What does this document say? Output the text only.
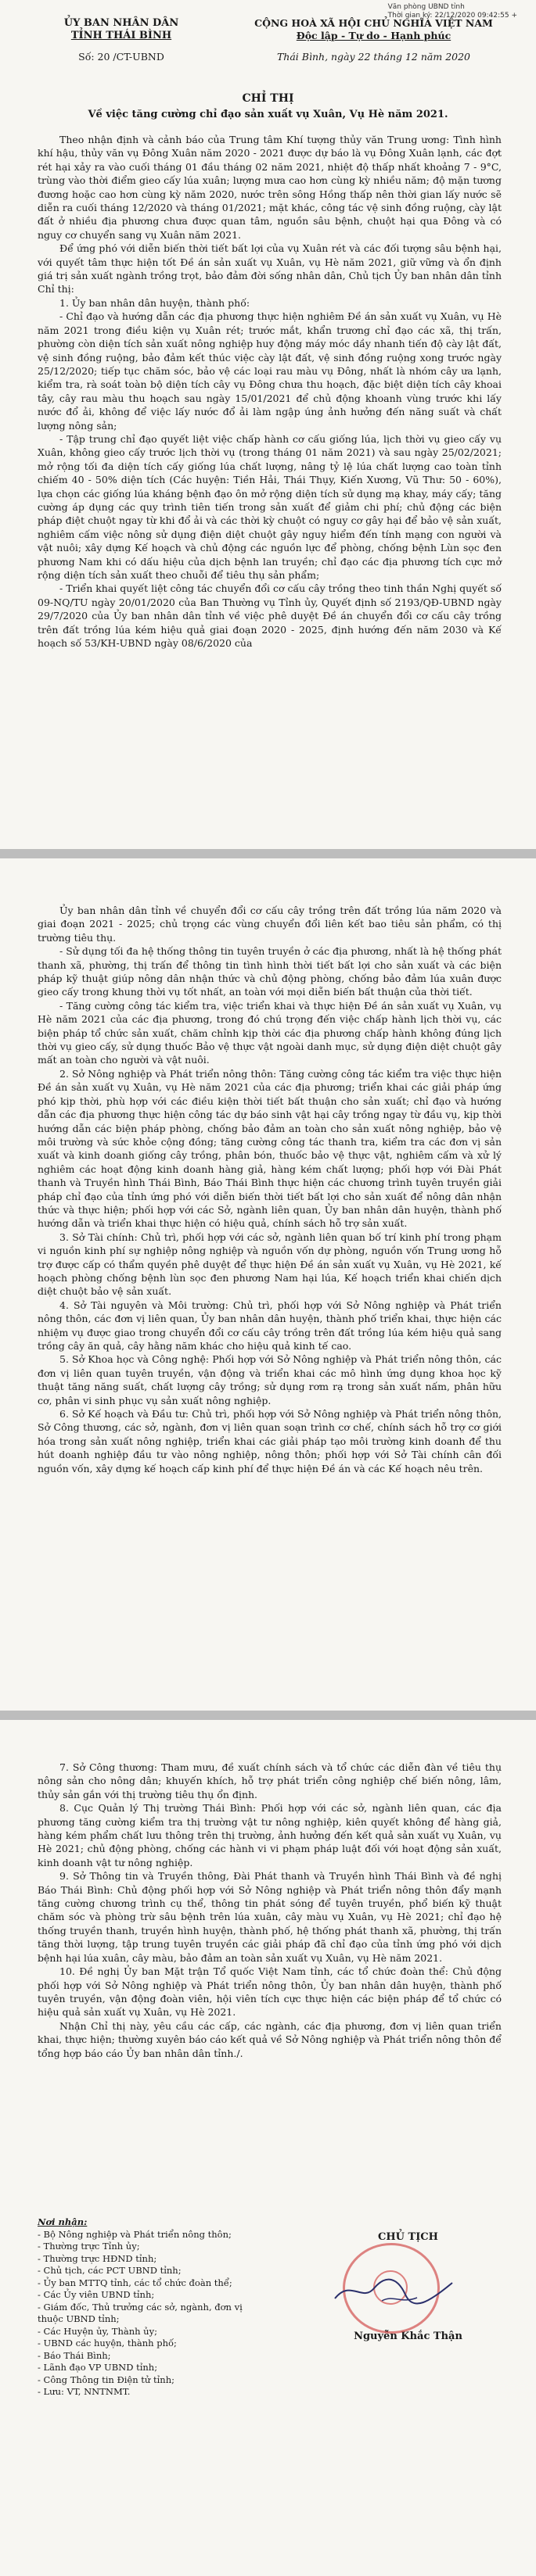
Văn phòng UBND tỉnh
Thời gian ký: 22/12/2020 09:42:55 +
ỦY BAN NHÂN DÂN
TỈNH THÁI BÌNH
Số: 20 /CT-UBND
CỘNG HOÀ XÃ HỘI CHỦ NGHĨA VIỆT NAM
Độc lập - Tự do - Hạnh phúc
Thái Bình, ngày 22 tháng 12 năm 2020
CHỈ THỊ
Về việc tăng cường chỉ đạo sản xuất vụ Xuân, Vụ Hè năm 2021.

Theo nhận định và cảnh báo của Trung tâm Khí tượng thủy văn Trung ương: Tình hình khí hậu, thủy văn vụ Đông Xuân năm 2020 - 2021 được dự báo là vụ Đông Xuân lạnh, các đợt rét hại xảy ra vào cuối tháng 01 đầu tháng 02 năm 2021, nhiệt độ thấp nhất khoảng 7 - 9°C, trùng vào thời điểm gieo cấy lúa xuân; lượng mưa cao hơn cùng kỳ nhiều năm; độ mặn tương đương hoặc cao hơn cùng kỳ năm 2020, nước trên sông Hồng thấp nên thời gian lấy nước sẽ diễn ra cuối tháng 12/2020 và tháng 01/2021; mặt khác, công tác vệ sinh đồng ruộng, cày lật đất ở nhiều địa phương chưa được quan tâm, nguồn sâu bệnh, chuột hại qua Đông và có nguy cơ chuyển sang vụ Xuân năm 2021.

Để ứng phó với diễn biến thời tiết bất lợi của vụ Xuân rét và các đối tượng sâu bệnh hại, với quyết tâm thực hiện tốt Đề án sản xuất vụ Xuân, vụ Hè năm 2021, giữ vững và ổn định giá trị sản xuất ngành trồng trọt, bảo đảm đời sống nhân dân, Chủ tịch Ủy ban nhân dân tỉnh Chỉ thị:

1. Ủy ban nhân dân huyện, thành phố:

- Chỉ đạo và hướng dẫn các địa phương thực hiện nghiêm Đề án sản xuất vụ Xuân, vụ Hè năm 2021 trong điều kiện vụ Xuân rét; trước mắt, khẩn trương chỉ đạo các xã, thị trấn, phường còn diện tích sản xuất nông nghiệp huy động máy móc dầy nhanh tiến độ cày lật đất, vệ sinh đồng ruộng, bảo đảm kết thúc việc cày lật đất, vệ sinh đồng ruộng xong trước ngày 25/12/2020; tiếp tục chăm sóc, bảo vệ các loại rau màu vụ Đông, nhất là nhóm cây ưa lạnh, kiểm tra, rà soát toàn bộ diện tích cây vụ Đông chưa thu hoạch, đặc biệt diện tích cây khoai tây, cây rau màu thu hoạch sau ngày 15/01/2021 để chủ động khoanh vùng trước khi lấy nước đổ ải, không để việc lấy nước đổ ải làm ngập úng ảnh hưởng đến năng suất và chất lượng nông sản;

- Tập trung chỉ đạo quyết liệt việc chấp hành cơ cấu giống lúa, lịch thời vụ gieo cấy vụ Xuân, không gieo cấy trước lịch thời vụ (trong tháng 01 năm 2021) và sau ngày 25/02/2021; mở rộng tối đa diện tích cấy giống lúa chất lượng, nâng tỷ lệ lúa chất lượng cao toàn tỉnh chiếm 40 - 50% diện tích (Các huyện: Tiền Hải, Thái Thụy, Kiến Xương, Vũ Thư: 50 - 60%), lựa chọn các giống lúa kháng bệnh đạo ôn mở rộng diện tích sử dụng mạ khay, máy cấy; tăng cường áp dụng các quy trình tiên tiến trong sản xuất để giảm chi phí; chủ động các biện pháp điệt chuột ngay từ khi đổ ải và các thời kỳ chuột có nguy cơ gây hại để bảo vệ sản xuất, nghiêm cấm việc nông sử dụng điện diệt chuột gây nguy hiểm đến tính mạng con người và vật nuôi; xây dựng Kế hoạch và chủ động các nguồn lực để phòng, chống bệnh Lùn sọc đen phương Nam khi có dấu hiệu của dịch bệnh lan truyền; chỉ đạo các địa phương tích cực mở rộng diện tích sản xuất theo chuỗi để tiêu thụ sản phẩm;

- Triển khai quyết liệt công tác chuyển đổi cơ cấu cây trồng theo tinh thần Nghị quyết số 09-NQ/TU ngày 20/01/2020 của Ban Thường vụ Tỉnh ủy, Quyết định số 2193/QĐ-UBND ngày 29/7/2020 của Ủy ban nhân dân tỉnh về việc phê duyệt Đề án chuyển đổi cơ cấu cây trồng trên đất trồng lúa kém hiệu quả giai đoạn 2020 - 2025, định hướng đến năm 2030 và Kế hoạch số 53/KH-UBND ngày 08/6/2020 của

Ủy ban nhân dân tỉnh về chuyển đổi cơ cấu cây trồng trên đất trồng lúa năm 2020 và giai đoạn 2021 - 2025; chủ trọng các vùng chuyển đổi liên kết bao tiêu sản phẩm, có thị trường tiêu thụ.

- Sử dụng tối đa hệ thống thông tin tuyên truyền ở các địa phương, nhất là hệ thống phát thanh xã, phường, thị trấn để thông tin tình hình thời tiết bất lợi cho sản xuất và các biện pháp kỹ thuật giúp nông dân nhận thức và chủ động phòng, chống bảo đảm lúa xuân được gieo cấy trong khung thời vụ tốt nhất, an toàn với mọi diễn biến bất thuận của thời tiết.

- Tăng cường công tác kiểm tra, việc triển khai và thực hiện Đề án sản xuất vụ Xuân, vụ Hè năm 2021 của các địa phương, trong đó chú trọng đến việc chấp hành lịch thời vụ, các biện pháp tổ chức sản xuất, chăm chỉnh kịp thời các địa phương chấp hành không đúng lịch thời vụ gieo cấy, sử dụng thuốc Bảo vệ thực vật ngoài danh mục, sử dụng điện diệt chuột gây mất an toàn cho người và vật nuôi.

2. Sở Nông nghiệp và Phát triển nông thôn: Tăng cường công tác kiểm tra việc thực hiện Đề án sản xuất vụ Xuân, vụ Hè năm 2021 của các địa phương; triển khai các giải pháp ứng phó kịp thời, phù hợp với các điều kiện thời tiết bất thuận cho sản xuất; chỉ đạo và hướng dẫn các địa phương thực hiện công tác dự báo sinh vật hại cây trồng ngay từ đầu vụ, kịp thời hướng dẫn các biện pháp phòng, chống bảo đảm an toàn cho sản xuất nông nghiệp, bảo vệ môi trường và sức khỏe cộng đồng; tăng cường công tác thanh tra, kiểm tra các đơn vị sản xuất và kinh doanh giống cây trồng, phân bón, thuốc bảo vệ thực vật, nghiêm cấm và xử lý nghiêm các hoạt động kinh doanh hàng giả, hàng kém chất lượng; phối hợp với Đài Phát thanh và Truyền hình Thái Bình, Báo Thái Bình thực hiện các chương trình tuyên truyền giải pháp chỉ đạo của tỉnh ứng phó với diễn biến thời tiết bất lợi cho sản xuất để nông dân nhận thức và thực hiện; phối hợp với các Sở, ngành liên quan, Ủy ban nhân dân huyện, thành phố hướng dẫn và triển khai thực hiện có hiệu quả, chính sách hỗ trợ sản xuất.

3. Sở Tài chính: Chủ trì, phối hợp với các sở, ngành liên quan bố trí kinh phí trong phạm vi nguồn kinh phí sự nghiệp nông nghiệp và nguồn vốn dự phòng, nguồn vốn Trung ương hỗ trợ được cấp có thẩm quyền phê duyệt để thực hiện Đề án sản xuất vụ Xuân, vụ Hè 2021, kế hoạch phòng chống bệnh lùn sọc đen phương Nam hại lúa, Kế hoạch triển khai chiến dịch diệt chuột bảo vệ sản xuất.

4. Sở Tài nguyên và Môi trường: Chủ trì, phối hợp với Sở Nông nghiệp và Phát triển nông thôn, các đơn vị liên quan, Ủy ban nhân dân huyện, thành phố triển khai, thực hiện các nhiệm vụ được giao trong chuyển đổi cơ cấu cây trồng trên đất trồng lúa kém hiệu quả sang trồng cây ăn quả, cây hằng năm khác cho hiệu quả kinh tế cao.

5. Sở Khoa học và Công nghệ: Phối hợp với Sở Nông nghiệp và Phát triển nông thôn, các đơn vị liên quan tuyên truyền, vận động và triển khai các mô hình ứng dụng khoa học kỹ thuật tăng năng suất, chất lượng cây trồng; sử dụng rơm rạ trong sản xuất nấm, phân hữu cơ, phân vi sinh phục vụ sản xuất nông nghiệp.

6. Sở Kế hoạch và Đầu tư: Chủ trì, phối hợp với Sở Nông nghiệp và Phát triển nông thôn, Sở Công thương, các sở, ngành, đơn vị liên quan soạn trình cơ chế, chính sách hỗ trợ cơ giới hóa trong sản xuất nông nghiệp, triển khai các giải pháp tạo môi trường kinh doanh để thu hút doanh nghiệp đầu tư vào nông nghiệp, nông thôn; phối hợp với Sở Tài chính cân đối nguồn vốn, xây dựng kế hoạch cấp kinh phí để thực hiện Đề án và các Kế hoạch nêu trên.

7. Sở Công thương: Tham mưu, đề xuất chính sách và tổ chức các diễn đàn về tiêu thụ nông sản cho nông dân; khuyến khích, hỗ trợ phát triển công nghiệp chế biến nông, lâm, thủy sản gắn với thị trường tiêu thụ ổn định.

8. Cục Quản lý Thị trường Thái Bình: Phối hợp với các sở, ngành liên quan, các địa phương tăng cường kiểm tra thị trường vật tư nông nghiệp, kiên quyết không để hàng giả, hàng kém phẩm chất lưu thông trên thị trường, ảnh hưởng đến kết quả sản xuất vụ Xuân, vụ Hè 2021; chủ động phòng, chống các hành vi vi phạm pháp luật đối với hoạt động sản xuất, kinh doanh vật tư nông nghiệp.

9. Sở Thông tin và Truyền thông, Đài Phát thanh và Truyền hình Thái Bình và đề nghị Báo Thái Bình: Chủ động phối hợp với Sở Nông nghiệp và Phát triển nông thôn đẩy mạnh tăng cường chương trình cụ thể, thông tin phát sóng để tuyên truyền, phổ biến kỹ thuật chăm sóc và phòng trừ sâu bệnh trên lúa xuân, cây màu vụ Xuân, vụ Hè 2021; chỉ đạo hệ thống truyền thanh, truyền hình huyện, thành phố, hệ thống phát thanh xã, phường, thị trấn tăng thời lượng, tập trung tuyên truyền các giải pháp đã chỉ đạo của tỉnh ứng phó với dịch bệnh hại lúa xuân, cây màu, bảo đảm an toàn sản xuất vụ Xuân, vụ Hè năm 2021.

10. Đề nghị Ủy ban Mặt trận Tổ quốc Việt Nam tỉnh, các tổ chức đoàn thể: Chủ động phối hợp với Sở Nông nghiệp và Phát triển nông thôn, Ủy ban nhân dân huyện, thành phố tuyên truyền, vận động đoàn viên, hội viên tích cực thực hiện các biện pháp để tổ chức có hiệu quả sản xuất vụ Xuân, vụ Hè 2021.

Nhận Chỉ thị này, yêu cầu các cấp, các ngành, các địa phương, đơn vị liên quan triển khai, thực hiện; thường xuyên báo cáo kết quả về Sở Nông nghiệp và Phát triển nông thôn để tổng hợp báo cáo Ủy ban nhân dân tỉnh./.

Nơi nhận:
- Bộ Nông nghiệp và Phát triển nông thôn;
- Thường trực Tỉnh ủy;
- Thường trực HĐND tỉnh;
- Chủ tịch, các PCT UBND tỉnh;
- Ủy ban MTTQ tỉnh, các tổ chức đoàn thể;
- Các Ủy viên UBND tỉnh;
- Giám đốc, Thủ trưởng các sở, ngành, đơn vị
thuộc UBND tỉnh;
- Các Huyện ủy, Thành ủy;
- UBND các huyện, thành phố;
- Báo Thái Bình;
- Lãnh đạo VP UBND tỉnh;
- Công Thông tin Điện tử tỉnh;
- Lưu: VT, NNTNMT.
CHỦ TỊCH
Nguyễn Khắc Thận
